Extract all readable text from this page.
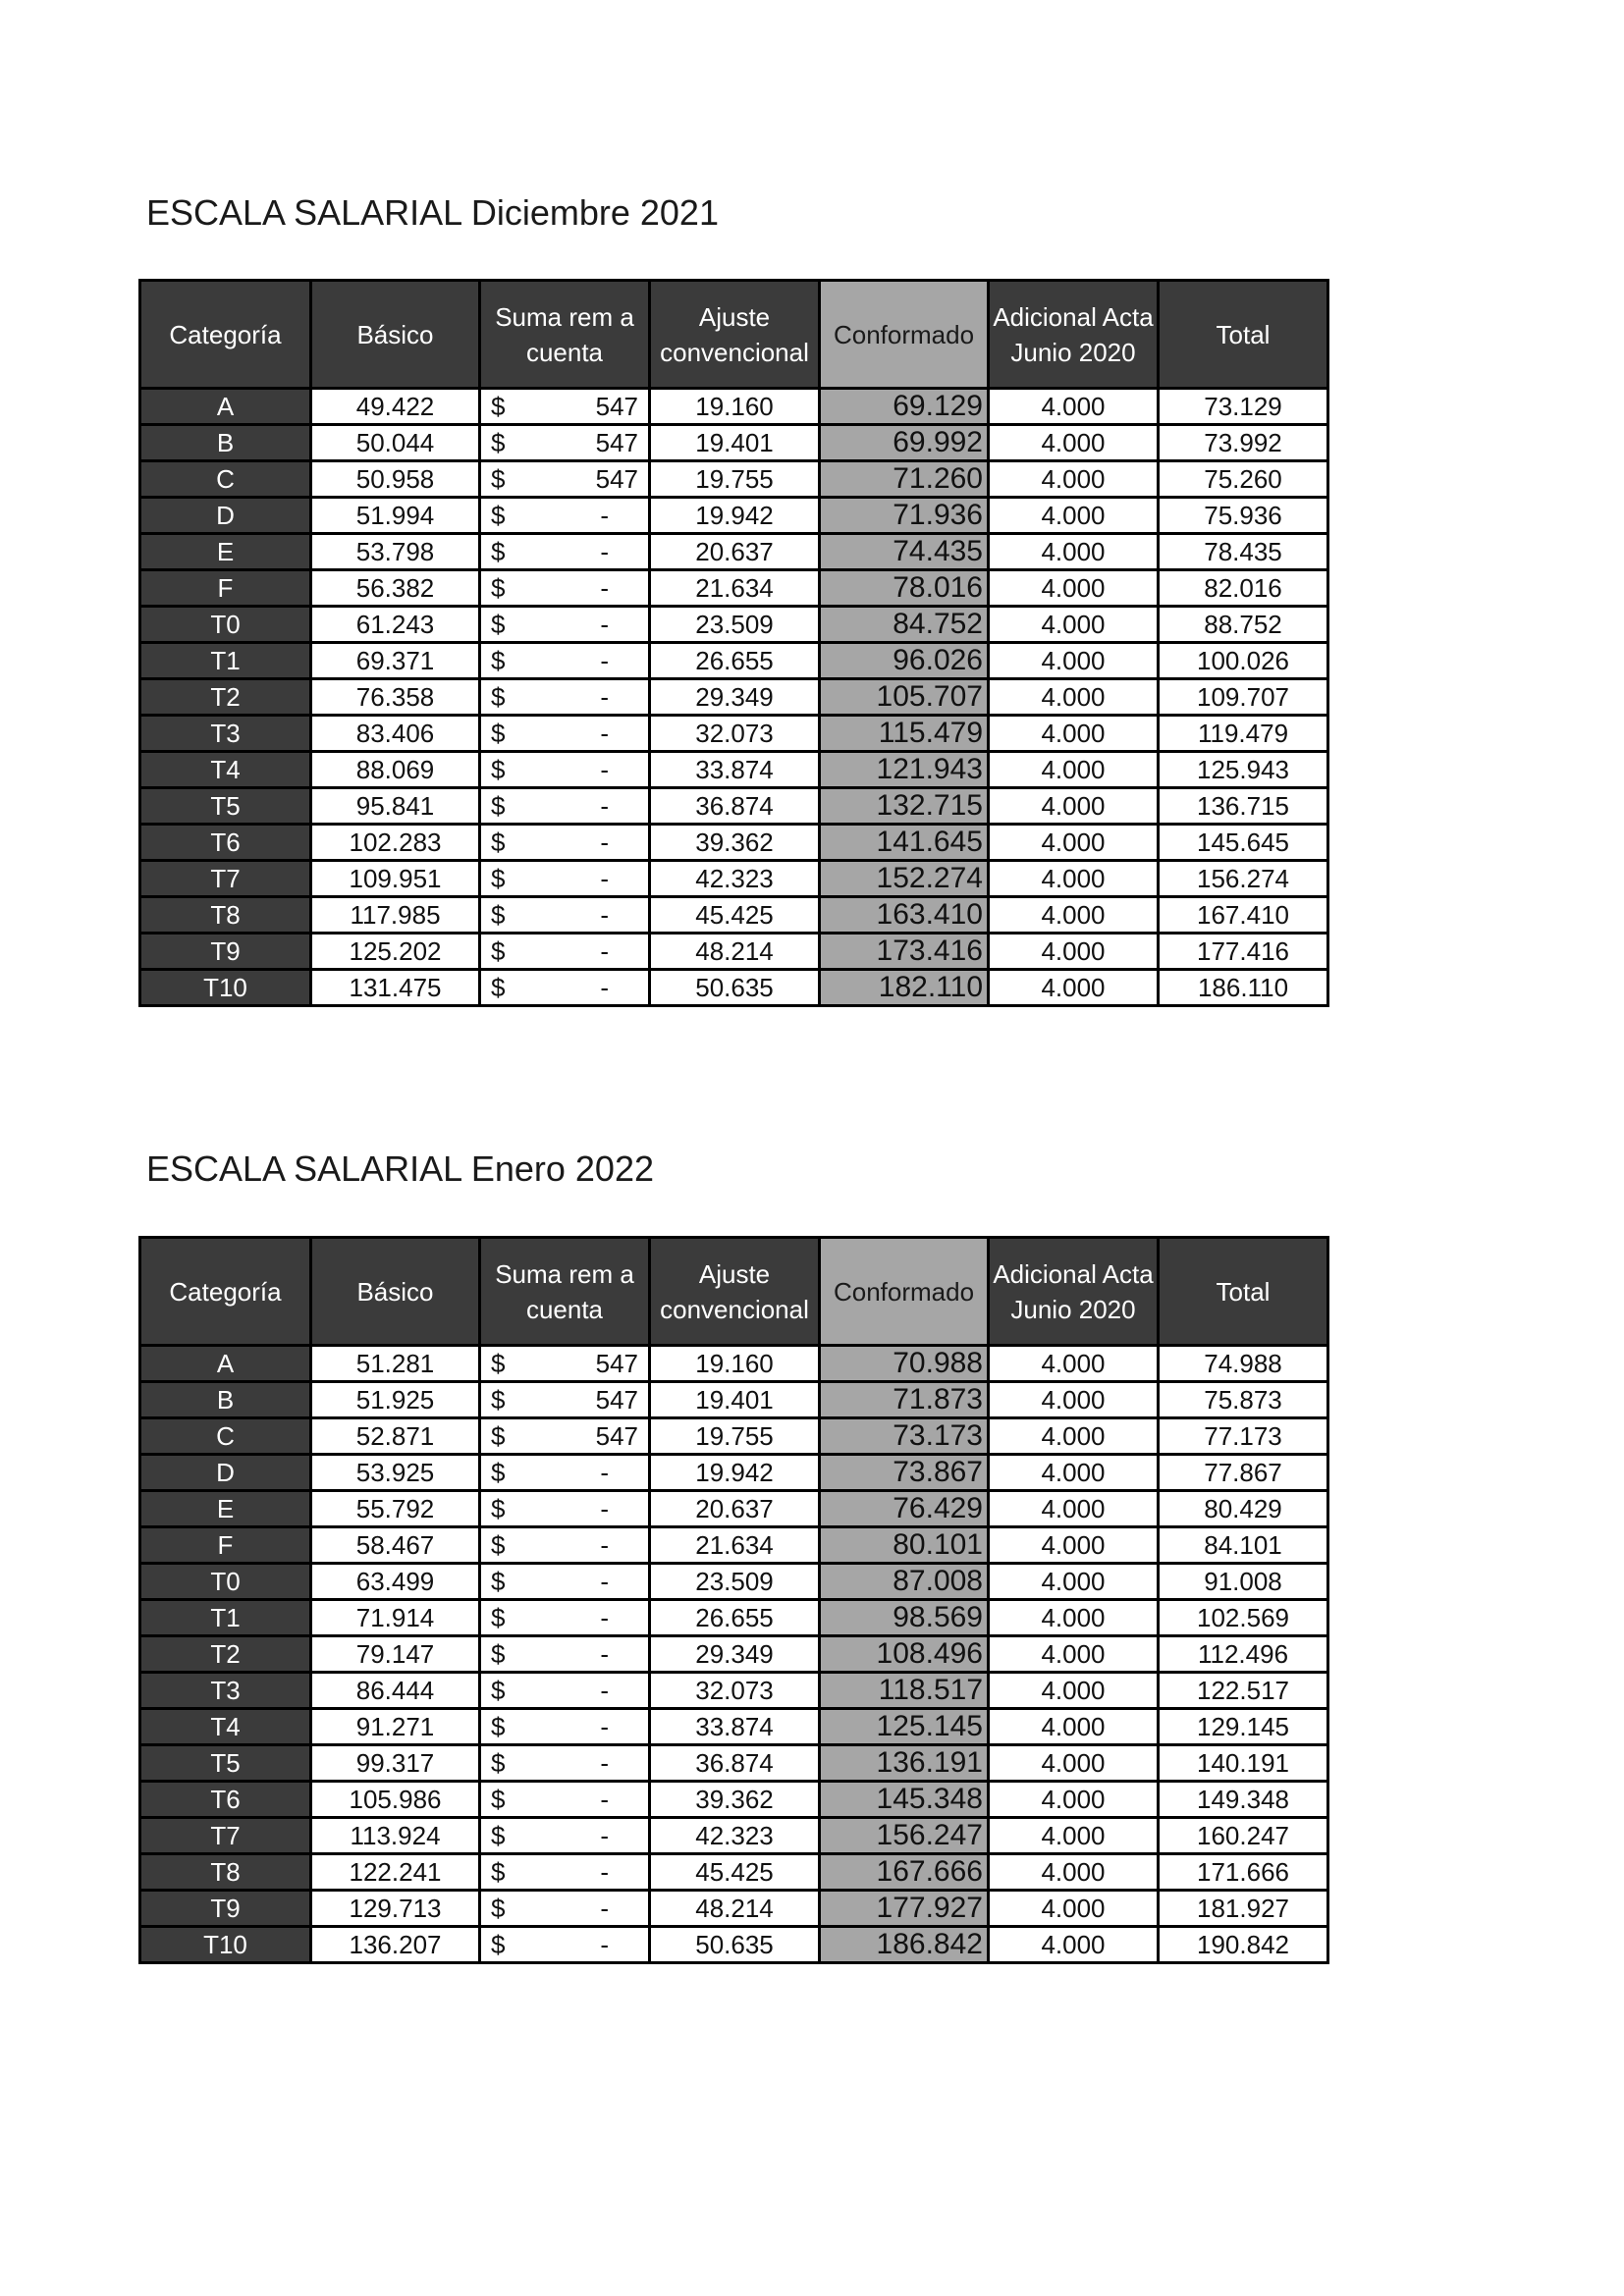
ESCALA SALARIAL Diciembre 2021
Categoría	Básico	Suma rem a cuenta	Ajuste convencional	Conformado	Adicional Acta Junio 2020	Total
A	49.422	$ 547	19.160	69.129	4.000	73.129
B	50.044	$ 547	19.401	69.992	4.000	73.992
C	50.958	$ 547	19.755	71.260	4.000	75.260
D	51.994	$ -	19.942	71.936	4.000	75.936
E	53.798	$ -	20.637	74.435	4.000	78.435
F	56.382	$ -	21.634	78.016	4.000	82.016
T0	61.243	$ -	23.509	84.752	4.000	88.752
T1	69.371	$ -	26.655	96.026	4.000	100.026
T2	76.358	$ -	29.349	105.707	4.000	109.707
T3	83.406	$ -	32.073	115.479	4.000	119.479
T4	88.069	$ -	33.874	121.943	4.000	125.943
T5	95.841	$ -	36.874	132.715	4.000	136.715
T6	102.283	$ -	39.362	141.645	4.000	145.645
T7	109.951	$ -	42.323	152.274	4.000	156.274
T8	117.985	$ -	45.425	163.410	4.000	167.410
T9	125.202	$ -	48.214	173.416	4.000	177.416
T10	131.475	$ -	50.635	182.110	4.000	186.110
ESCALA SALARIAL Enero 2022
Categoría	Básico	Suma rem a cuenta	Ajuste convencional	Conformado	Adicional Acta Junio 2020	Total
A	51.281	$ 547	19.160	70.988	4.000	74.988
B	51.925	$ 547	19.401	71.873	4.000	75.873
C	52.871	$ 547	19.755	73.173	4.000	77.173
D	53.925	$ -	19.942	73.867	4.000	77.867
E	55.792	$ -	20.637	76.429	4.000	80.429
F	58.467	$ -	21.634	80.101	4.000	84.101
T0	63.499	$ -	23.509	87.008	4.000	91.008
T1	71.914	$ -	26.655	98.569	4.000	102.569
T2	79.147	$ -	29.349	108.496	4.000	112.496
T3	86.444	$ -	32.073	118.517	4.000	122.517
T4	91.271	$ -	33.874	125.145	4.000	129.145
T5	99.317	$ -	36.874	136.191	4.000	140.191
T6	105.986	$ -	39.362	145.348	4.000	149.348
T7	113.924	$ -	42.323	156.247	4.000	160.247
T8	122.241	$ -	45.425	167.666	4.000	171.666
T9	129.713	$ -	48.214	177.927	4.000	181.927
T10	136.207	$ -	50.635	186.842	4.000	190.842
